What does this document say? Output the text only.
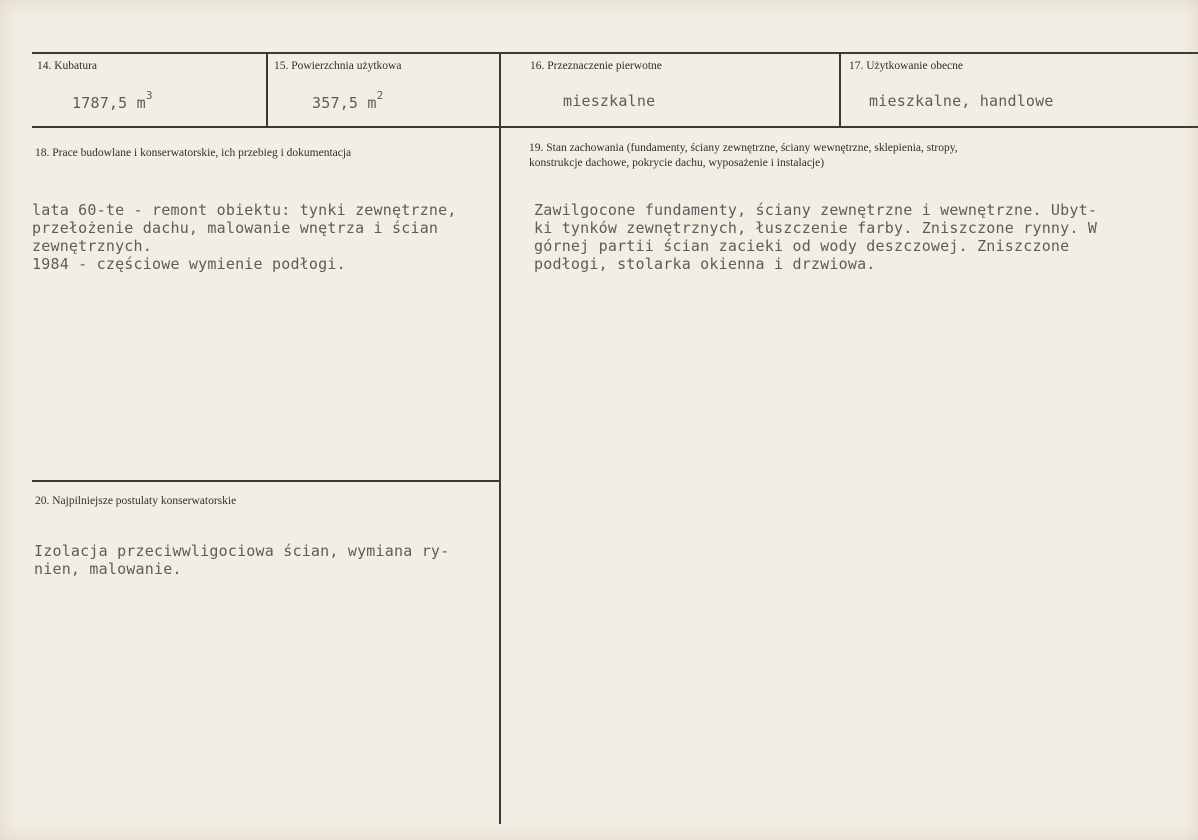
14. Kubatura
1787,5 $m^3$
15. Powierzchnia użytkowa
357,5 $m^2$
16. Przeznaczenie pierwotne
mieszkalne
17. Użytkowanie obecne
mieszkalne, handlowe
18. Prace budowlane i konserwatorskie, ich przebieg i dokumentacja
lata 60-te - remont obiektu: tynki zewnętrzne,
przełożenie dachu, malowanie wnętrza i ścian
zewnętrznych.
1984 - częściowe wymienie podłogi.
19. Stan zachowania (fundamenty, ściany zewnętrzne, ściany wewnętrzne, sklepienia, stropy,
konstrukcje dachowe, pokrycie dachu, wyposażenie i instalacje)
Zawilgocone fundamenty, ściany zewnętrzne i wewnętrzne. Ubyt-
ki tynków zewnętrznych, łuszczenie farby. Zniszczone rynny. W
górnej partii ścian zacieki od wody deszczowej. Zniszczone
podłogi, stolarka okienna i drzwiowa.
20. Najpilniejsze postulaty konserwatorskie
Izolacja przeciwwligociowa ścian, wymiana ry-
nien, malowanie.
